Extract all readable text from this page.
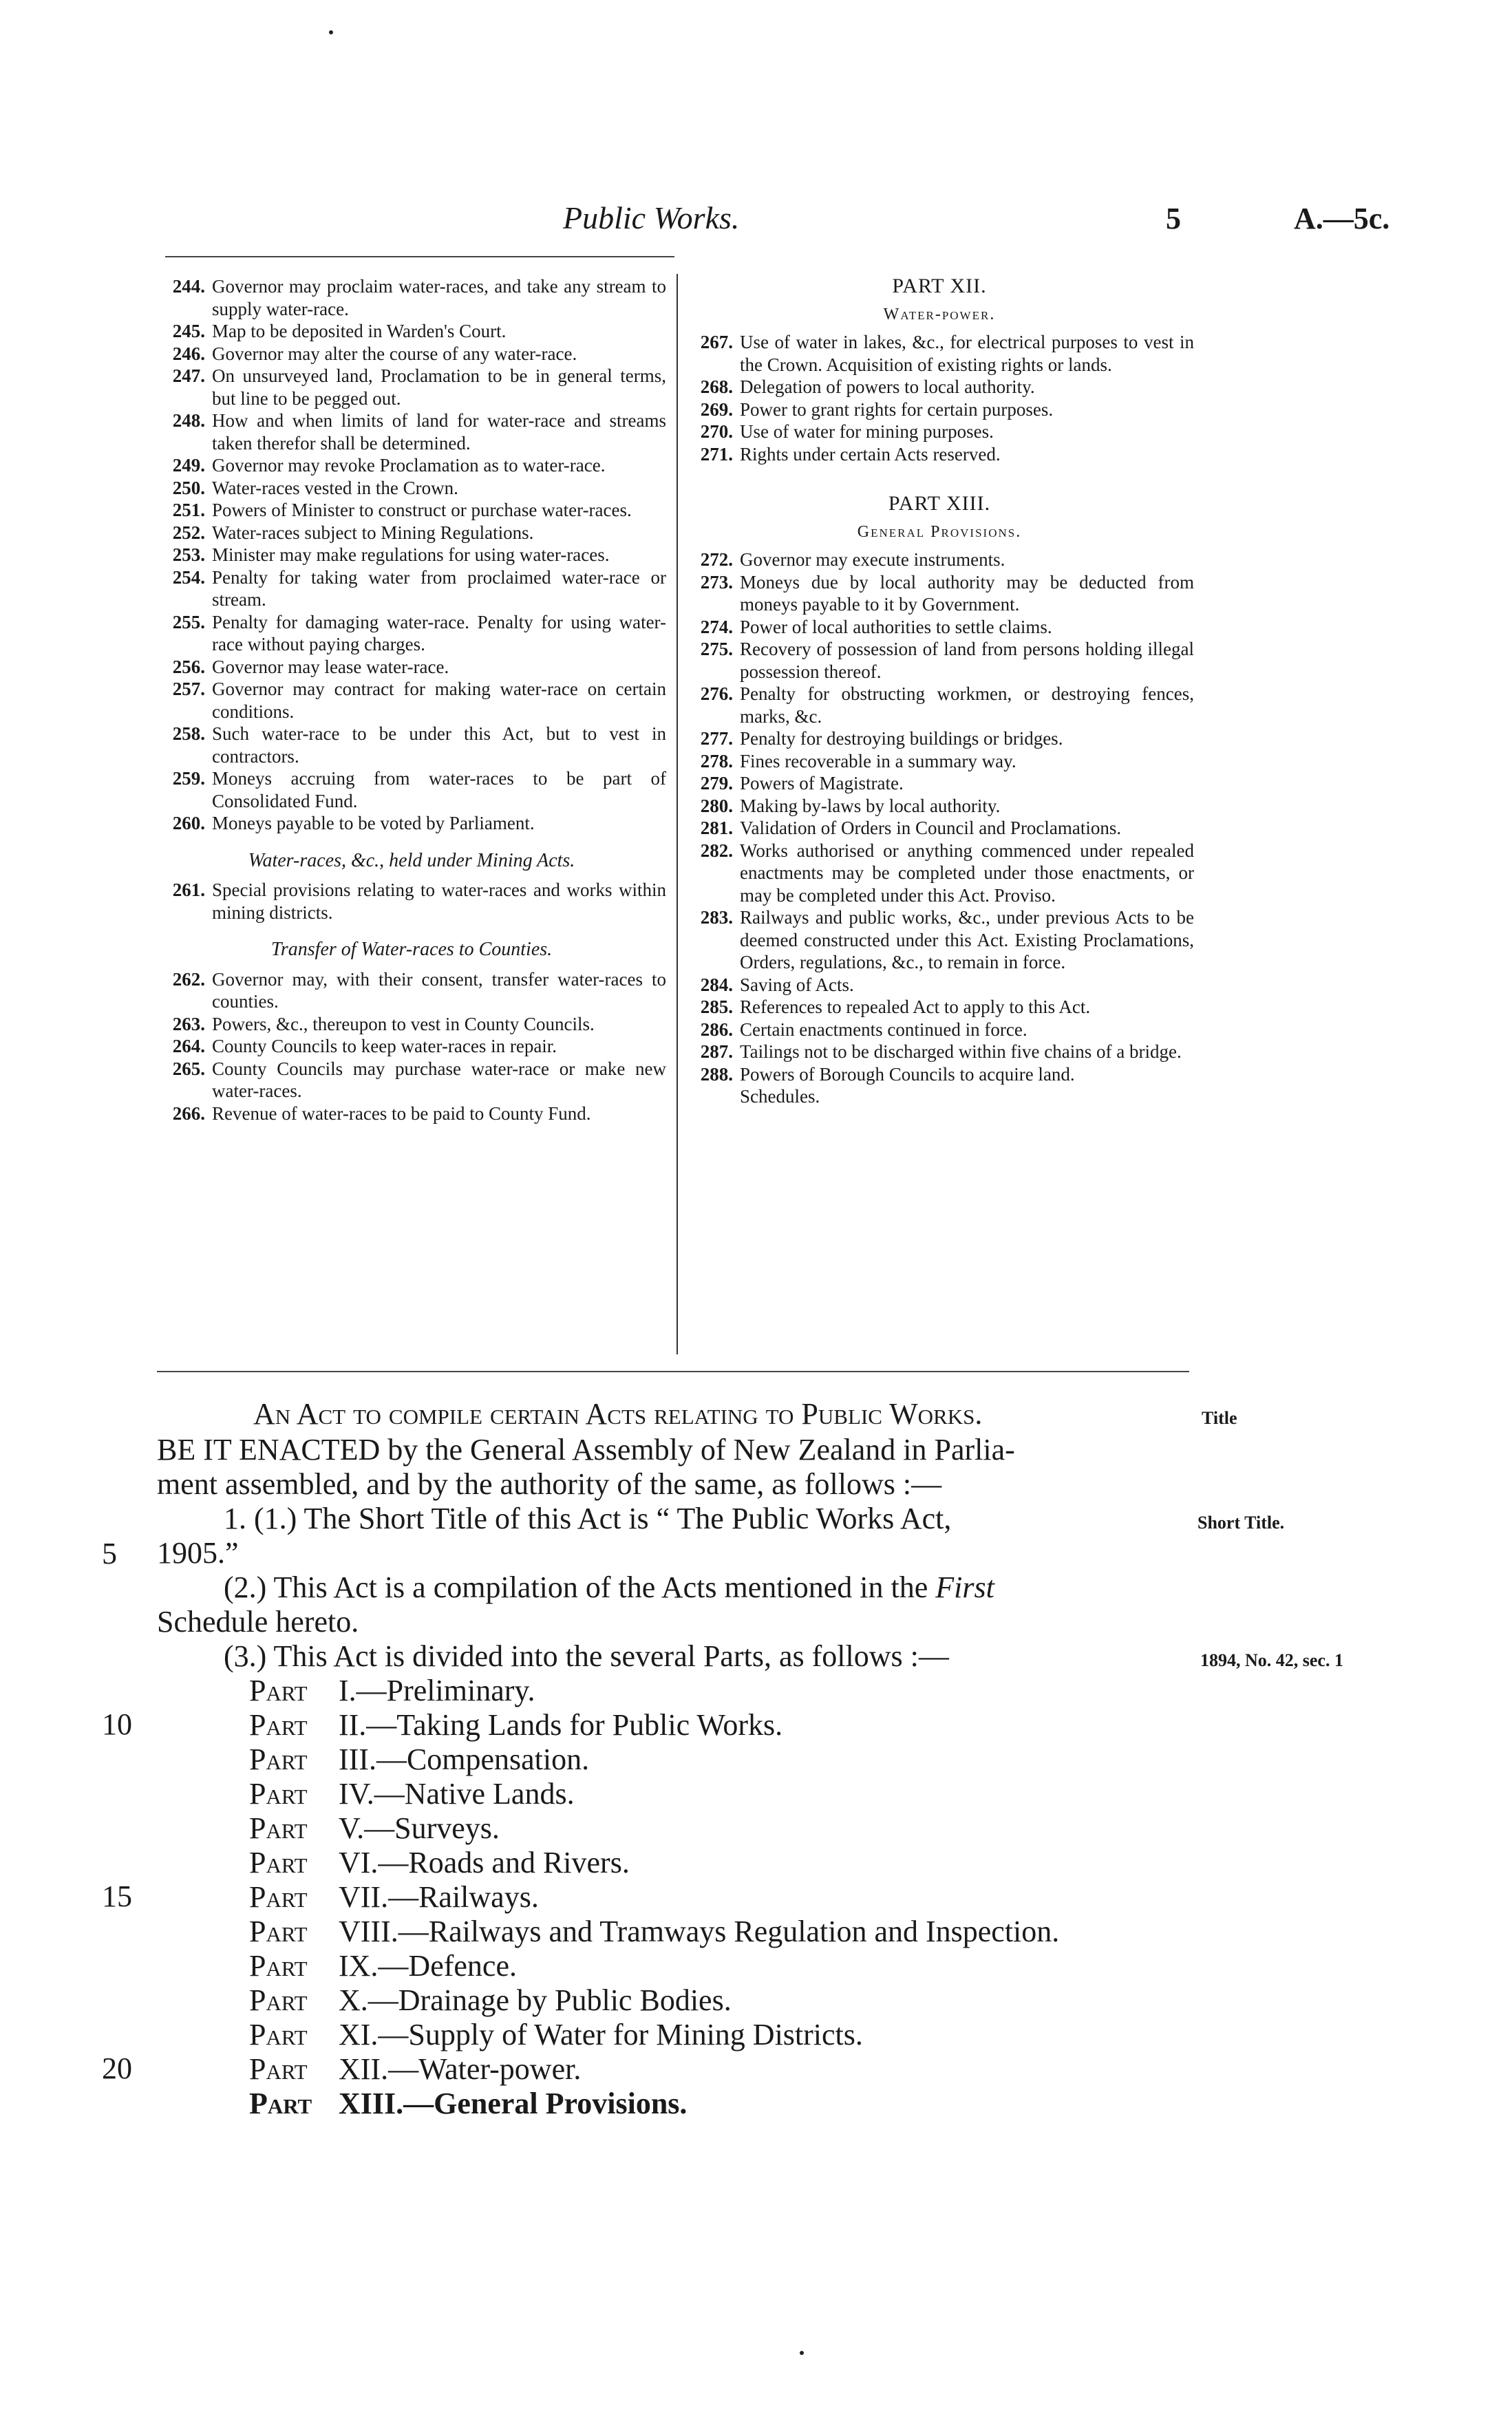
Public Works.	5	A.—5c.
244. Governor may proclaim water-races, and take any stream to supply water-race.
245. Map to be deposited in Warden's Court.
246. Governor may alter the course of any water-race.
247. On unsurveyed land, Proclamation to be in general terms, but line to be pegged out.
248. How and when limits of land for water-race and streams taken therefor shall be determined.
249. Governor may revoke Proclamation as to water-race.
250. Water-races vested in the Crown.
251. Powers of Minister to construct or purchase water-races.
252. Water-races subject to Mining Regulations.
253. Minister may make regulations for using water-races.
254. Penalty for taking water from proclaimed water-race or stream.
255. Penalty for damaging water-race. Penalty for using water-race without paying charges.
256. Governor may lease water-race.
257. Governor may contract for making water-race on certain conditions.
258. Such water-race to be under this Act, but to vest in contractors.
259. Moneys accruing from water-races to be part of Consolidated Fund.
260. Moneys payable to be voted by Parliament.
Water-races, &c., held under Mining Acts.
261. Special provisions relating to water-races and works within mining districts.
Transfer of Water-races to Counties.
262. Governor may, with their consent, transfer water-races to counties.
263. Powers, &c., thereupon to vest in County Councils.
264. County Councils to keep water-races in repair.
265. County Councils may purchase water-race or make new water-races.
266. Revenue of water-races to be paid to County Fund.
PART XII.
Water-power.
267. Use of water in lakes, &c., for electrical purposes to vest in the Crown. Acquisition of existing rights or lands.
268. Delegation of powers to local authority.
269. Power to grant rights for certain purposes.
270. Use of water for mining purposes.
271. Rights under certain Acts reserved.
PART XIII.
General Provisions.
272. Governor may execute instruments.
273. Moneys due by local authority may be deducted from moneys payable to it by Government.
274. Power of local authorities to settle claims.
275. Recovery of possession of land from persons holding illegal possession thereof.
276. Penalty for obstructing workmen, or destroying fences, marks, &c.
277. Penalty for destroying buildings or bridges.
278. Fines recoverable in a summary way.
279. Powers of Magistrate.
280. Making by-laws by local authority.
281. Validation of Orders in Council and Proclamations.
282. Works authorised or anything commenced under repealed enactments may be completed under those enactments, or may be completed under this Act. Proviso.
283. Railways and public works, &c., under previous Acts to be deemed constructed under this Act. Existing Proclamations, Orders, regulations, &c., to remain in force.
284. Saving of Acts.
285. References to repealed Act to apply to this Act.
286. Certain enactments continued in force.
287. Tailings not to be discharged within five chains of a bridge.
288. Powers of Borough Councils to acquire land.
Schedules.
An Act to compile certain Acts relating to Public Works.
BE IT ENACTED by the General Assembly of New Zealand in Parlia-
ment assembled, and by the authority of the same, as follows :—
1. (1.) The Short Title of this Act is “ The Public Works Act,
1905.”
(2.) This Act is a compilation of the Acts mentioned in the First
Schedule hereto.
(3.) This Act is divided into the several Parts, as follows :—
Part I.—Preliminary.
Part II.—Taking Lands for Public Works.
Part III.—Compensation.
Part IV.—Native Lands.
Part V.—Surveys.
Part VI.—Roads and Rivers.
Part VII.—Railways.
Part VIII.—Railways and Tramways Regulation and Inspection.
Part IX.—Defence.
Part X.—Drainage by Public Bodies.
Part XI.—Supply of Water for Mining Districts.
Part XII.—Water-power.
Part XIII.—General Provisions.
5
10
15
20
Title
Short Title.
1894, No. 42, sec. 1
